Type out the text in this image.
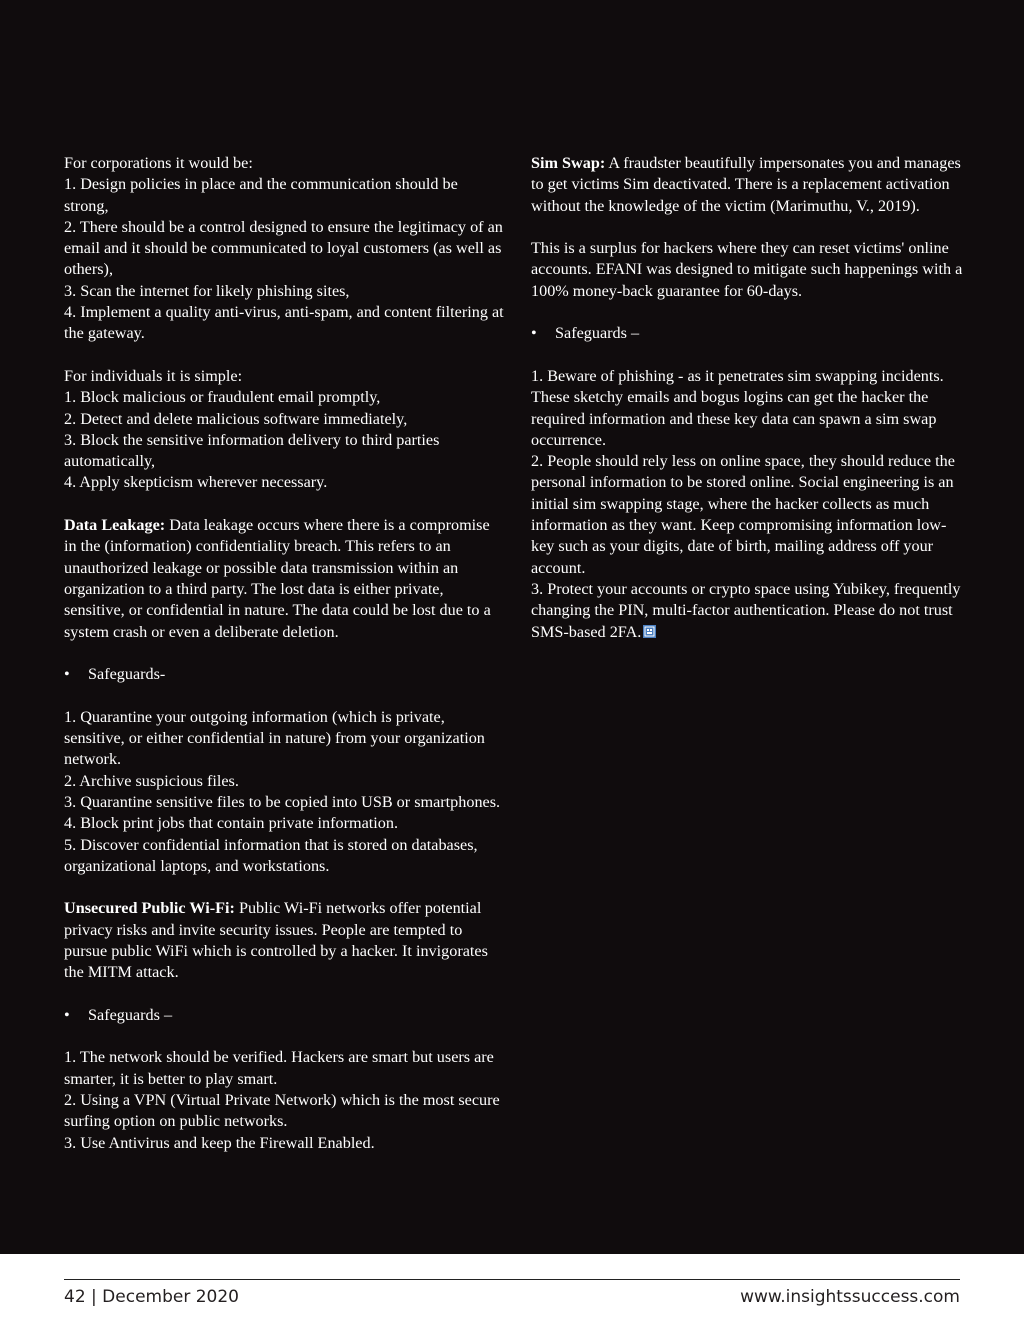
For corporations it would be:
1. Design policies in place and the communication should be strong,
2. There should be a control designed to ensure the legitimacy of an email and it should be communicated to loyal customers (as well as others),
3. Scan the internet for likely phishing sites,
4. Implement a quality anti-virus, anti-spam, and content filtering at the gateway.

For individuals it is simple:
1. Block malicious or fraudulent email promptly,
2. Detect and delete malicious software immediately,
3. Block the sensitive information delivery to third parties automatically,
4. Apply skepticism wherever necessary.

Data Leakage: Data leakage occurs where there is a compromise in the (information) confidentiality breach. This refers to an unauthorized leakage or possible data transmission within an organization to a third party. The lost data is either private, sensitive, or confidential in nature. The data could be lost due to a system crash or even a deliberate deletion.

• Safeguards-

1. Quarantine your outgoing information (which is private, sensitive, or either confidential in nature) from your organization network.
2. Archive suspicious files.
3. Quarantine sensitive files to be copied into USB or smartphones.
4. Block print jobs that contain private information.
5. Discover confidential information that is stored on databases, organizational laptops, and workstations.

Unsecured Public Wi-Fi: Public Wi-Fi networks offer potential privacy risks and invite security issues. People are tempted to pursue public WiFi which is controlled by a hacker. It invigorates the MITM attack.

• Safeguards –

1. The network should be verified. Hackers are smart but users are smarter, it is better to play smart.
2. Using a VPN (Virtual Private Network) which is the most secure surfing option on public networks.
3. Use Antivirus and keep the Firewall Enabled.

Sim Swap: A fraudster beautifully impersonates you and manages to get victims Sim deactivated. There is a replacement activation without the knowledge of the victim (Marimuthu, V., 2019).

This is a surplus for hackers where they can reset victims' online accounts. EFANI was designed to mitigate such happenings with a 100% money-back guarantee for 60-days.

• Safeguards –

1. Beware of phishing - as it penetrates sim swapping incidents. These sketchy emails and bogus logins can get the hacker the required information and these key data can spawn a sim swap occurrence.
2. People should rely less on online space, they should reduce the personal information to be stored online. Social engineering is an initial sim swapping stage, where the hacker collects as much information as they want. Keep compromising information low-key such as your digits, date of birth, mailing address off your account.
3. Protect your accounts or crypto space using Yubikey, frequently changing the PIN, multi-factor authentication. Please do not trust SMS-based 2FA.

42 | December 2020	www.insightssuccess.com
